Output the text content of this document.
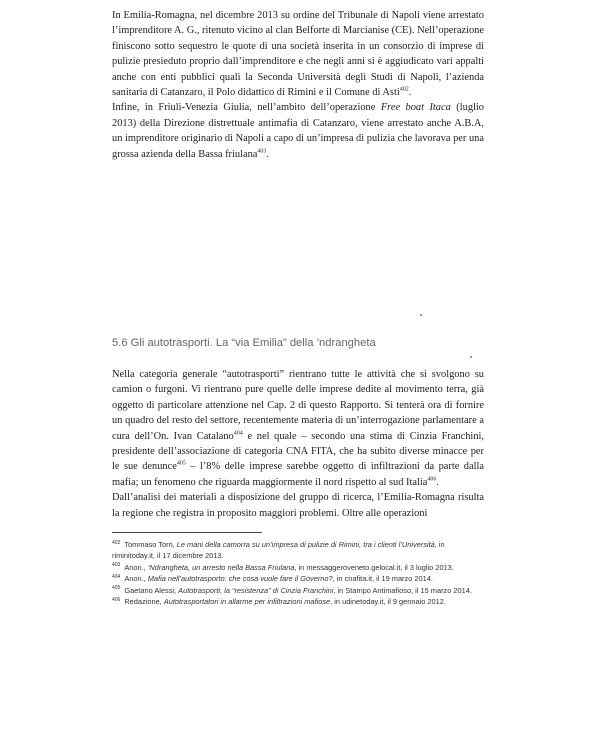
In Emilia-Romagna, nel dicembre 2013 su ordine del Tribunale di Napoli viene arrestato l’imprenditore A. G., ritenuto vicino al clan Belforte di Marcianise (CE). Nell’operazione finiscono sotto sequestro le quote di una società inserita in un consorzio di imprese di pulizie presieduto proprio dall’imprenditore e che negli anni si è aggiudicato vari appalti anche con enti pubblici quali la Seconda Università degli Studi di Napoli, l’azienda sanitaria di Catanzaro, il Polo didattico di Rimini e il Comune di Asti$^{402}$.

Infine, in Friuli-Venezia Giulia, nell’ambito dell’operazione Free boat Itaca (luglio 2013) della Direzione distrettuale antimafia di Catanzaro, viene arrestato anche A.B.A, un imprenditore originario di Napoli a capo di un’impresa di pulizia che lavorava per una grossa azienda della Bassa friulana$^{403}$.

5.6 Gli autotrasporti. La “via Emilia” della ’ndrangheta

Nella categoria generale “autotrasporti” rientrano tutte le attività che si svolgono su camion o furgoni. Vi rientrano pure quelle delle imprese dedite al movimento terra, già oggetto di particolare attenzione nel Cap. 2 di questo Rapporto. Si tenterà ora di fornire un quadro del resto del settore, recentemente materia di un’interrogazione parlamentare a cura dell’On. Ivan Catalano$^{404}$ e nel quale – secondo una stima di Cinzia Franchini, presidente dell’associazione di categoria CNA FITA, che ha subito diverse minacce per le sue denunce$^{405}$ – l’8% delle imprese sarebbe oggetto di infiltrazioni da parte dalla mafia; un fenomeno che riguarda maggiormente il nord rispetto al sud Italia$^{406}$.

Dall’analisi dei materiali a disposizione del gruppo di ricerca, l’Emilia-Romagna risulta la regione che registra in proposito maggiori problemi. Oltre alle operazioni

$^{402}$ Tommaso Torri, Le mani della camorra su un’impresa di pulizie di Rimini, tra i clienti l’Università, in riminitoday.it, il 17 dicembre 2013.

$^{403}$ Anon., ’Ndrangheta, un arresto nella Bassa Friulana, in messaggeroveneto.gelocal.it, il 3 luglio 2013.

$^{404}$ Anon., Mafia nell’autotrasporto: che cosa vuole fare il Governo?, in cnafita.it, il 19 marzo 2014.

$^{405}$ Gaetano Alessi, Autotrasporti, la “resistenza” di Cinzia Franchini, in Stampo Antimafioso, il 15 marzo 2014.

$^{406}$ Redazione, Autotrasportatori in allarme per infiltrazioni mafiose, in udinetoday.it, il 9 gennaio 2012.
